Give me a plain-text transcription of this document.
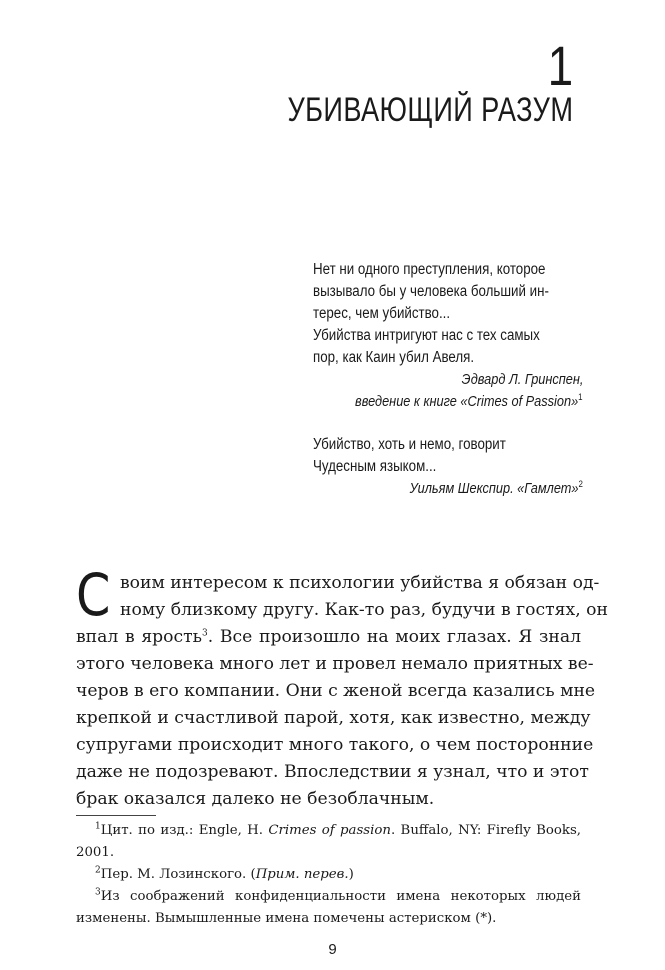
1
УБИВАЮЩИЙ РАЗУМ
Нет ни одного преступления, которое
вызывало бы у человека больший ин-
терес, чем убийство...
Убийства интригуют нас с тех самых
пор, как Каин убил Авеля.
Эдвард Л. Гринспен,
введение к книге «Crimes of Passion»$^1$
Убийство, хоть и немо, говорит
Чудесным языком...
Уильям Шекспир. «Гамлет»$^2$
С воим интересом к психологии убийства я обязан од-
ному близкому другу. Как-то раз, будучи в гостях, он
впал в ярость$^3$. Все произошло на моих глазах. Я знал
этого человека много лет и провел немало приятных ве-
черов в его компании. Они с женой всегда казались мне
крепкой и счастливой парой, хотя, как известно, между
супругами происходит много такого, о чем посторонние
даже не подозревают. Впоследствии я узнал, что и этот
брак оказался далеко не безоблачным.
$^1$Цит. по изд.: Engle, H. Crimes of passion. Buffalo, NY: Firefly Books,
2001.
$^2$Пер. М. Лозинского. (Прим. перев.)
$^3$Из соображений конфиденциальности имена некоторых людей
изменены. Вымышленные имена помечены астериском (*).
9
